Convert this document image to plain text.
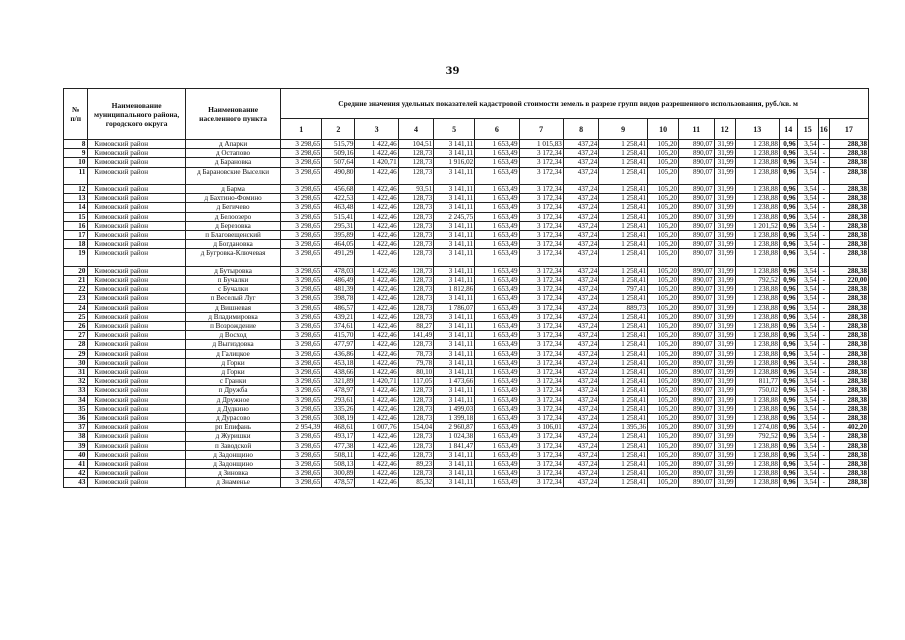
39
№
п/п	Наименование муниципального района, городского округа	Наименование населенного пункта	Средние значения удельных показателей кадастровой стоимости земель в разрезе групп видов разрешенного использования, руб./кв. м																
			1	2	3	4	5	6	7	8	9	10	11	12	13	14	15	16	17
8	Кимовский район	д Апарки	3 298,65	515,79	1 422,46	104,51	3 141,11	1 653,49	1 015,83	437,24	1 258,41	105,20	890,07	31,99	1 238,88	0,96	3,54	-	288,38
9	Кимовский район	д Остапово	3 298,65	509,16	1 422,46	128,73	3 141,11	1 653,49	3 172,34	437,24	1 258,41	105,20	890,07	31,99	1 238,88	0,96	3,54	-	288,38
10	Кимовский район	д Барановка	3 298,65	507,64	1 420,71	128,73	1 916,02	1 653,49	3 172,34	437,24	1 258,41	105,20	890,07	31,99	1 238,88	0,96	3,54	-	288,38
11	Кимовский район	д Барановские Выселки	3 298,65	490,80	1 422,46	128,73	3 141,11	1 653,49	3 172,34	437,24	1 258,41	105,20	890,07	31,99	1 238,88	0,96	3,54	-	288,38
12	Кимовский район	д Барма	3 298,65	456,68	1 422,46	93,51	3 141,11	1 653,49	3 172,34	437,24	1 258,41	105,20	890,07	31,99	1 238,88	0,96	3,54	-	288,38
13	Кимовский район	д Бахтино-Фомино	3 298,65	422,53	1 422,46	128,73	3 141,11	1 653,49	3 172,34	437,24	1 258,41	105,20	890,07	31,99	1 238,88	0,96	3,54	-	288,38
14	Кимовский район	д Бегичево	3 298,65	463,48	1 422,46	128,73	3 141,11	1 653,49	3 172,34	437,24	1 258,41	105,20	890,07	31,99	1 238,88	0,96	3,54	-	288,38
15	Кимовский район	д Белоозеро	3 298,65	515,41	1 422,46	128,73	2 245,75	1 653,49	3 172,34	437,24	1 258,41	105,20	890,07	31,99	1 238,88	0,96	3,54	-	288,38
16	Кимовский район	д Березовка	3 298,65	295,31	1 422,46	128,73	3 141,11	1 653,49	3 172,34	437,24	1 258,41	105,20	890,07	31,99	1 201,52	0,96	3,54	-	288,38
17	Кимовский район	п Благовещенский	3 298,65	395,89	1 422,46	128,73	3 141,11	1 653,49	3 172,34	437,24	1 258,41	105,20	890,07	31,99	1 238,88	0,96	3,54	-	288,38
18	Кимовский район	д Богдановка	3 298,65	464,05	1 422,46	128,73	3 141,11	1 653,49	3 172,34	437,24	1 258,41	105,20	890,07	31,99	1 238,88	0,96	3,54	-	288,38
19	Кимовский район	д Бугровка-Ключевая	3 298,65	491,29	1 422,46	128,73	3 141,11	1 653,49	3 172,34	437,24	1 258,41	105,20	890,07	31,99	1 238,88	0,96	3,54	-	288,38
20	Кимовский район	д Бутыровка	3 298,65	478,03	1 422,46	128,73	3 141,11	1 653,49	3 172,34	437,24	1 258,41	105,20	890,07	31,99	1 238,88	0,96	3,54	-	288,38
21	Кимовский район	п Бучалки	3 298,65	486,49	1 422,46	128,73	3 141,11	1 653,49	3 172,34	437,24	1 258,41	105,20	890,07	31,99	792,52	0,96	3,54	-	220,00
22	Кимовский район	с Бучалки	3 298,65	481,39	1 422,46	128,73	1 812,86	1 653,49	3 172,34	437,24	797,41	105,20	890,07	31,99	1 238,88	0,96	3,54	-	288,38
23	Кимовский район	п Веселый Луг	3 298,65	398,78	1 422,46	128,73	3 141,11	1 653,49	3 172,34	437,24	1 258,41	105,20	890,07	31,99	1 238,88	0,96	3,54	-	288,38
24	Кимовский район	д Вишневая	3 298,65	486,57	1 422,46	128,73	1 786,07	1 653,49	3 172,34	437,24	889,73	105,20	890,07	31,99	1 238,88	0,96	3,54	-	288,38
25	Кимовский район	д Владимировка	3 298,65	439,21	1 422,46	128,73	3 141,11	1 653,49	3 172,34	437,24	1 258,41	105,20	890,07	31,99	1 238,88	0,96	3,54	-	288,38
26	Кимовский район	п Возрождение	3 298,65	374,61	1 422,46	88,27	3 141,11	1 653,49	3 172,34	437,24	1 258,41	105,20	890,07	31,99	1 238,88	0,96	3,54	-	288,38
27	Кимовский район	д Восход	3 298,65	415,70	1 422,46	141,49	3 141,11	1 653,49	3 172,34	437,24	1 258,41	105,20	890,07	31,99	1 238,88	0,96	3,54	-	288,38
28	Кимовский район	д Выгиздовка	3 298,65	477,97	1 422,46	128,73	3 141,11	1 653,49	3 172,34	437,24	1 258,41	105,20	890,07	31,99	1 238,88	0,96	3,54	-	288,38
29	Кимовский район	д Галицкое	3 298,65	436,86	1 422,46	78,73	3 141,11	1 653,49	3 172,34	437,24	1 258,41	105,20	890,07	31,99	1 238,88	0,96	3,54	-	288,38
30	Кимовский район	д Горки	3 298,65	453,18	1 422,46	79,78	3 141,11	1 653,49	3 172,34	437,24	1 258,41	105,20	890,07	31,99	1 238,88	0,96	3,54	-	288,38
31	Кимовский район	д Горки	3 298,65	438,66	1 422,46	80,10	3 141,11	1 653,49	3 172,34	437,24	1 258,41	105,20	890,07	31,99	1 238,88	0,96	3,54	-	288,38
32	Кимовский район	с Гранки	3 298,65	321,89	1 420,71	117,05	1 473,66	1 653,49	3 172,34	437,24	1 258,41	105,20	890,07	31,99	811,77	0,96	3,54	-	288,38
33	Кимовский район	п Дружба	3 298,65	478,97	1 422,46	128,73	3 141,11	1 653,49	3 172,34	437,24	1 258,41	105,20	890,07	31,99	750,02	0,96	3,54	-	288,38
34	Кимовский район	д Дружное	3 298,65	293,61	1 422,46	128,73	3 141,11	1 653,49	3 172,34	437,24	1 258,41	105,20	890,07	31,99	1 238,88	0,96	3,54	-	288,38
35	Кимовский район	д Дудкино	3 298,65	335,26	1 422,46	128,73	1 499,03	1 653,49	3 172,34	437,24	1 258,41	105,20	890,07	31,99	1 238,88	0,96	3,54	-	288,38
36	Кимовский район	д Дурасово	3 298,65	308,19	1 422,46	128,73	1 399,18	1 653,49	3 172,34	437,24	1 258,41	105,20	890,07	31,99	1 238,88	0,96	3,54	-	288,38
37	Кимовский район	рп Епифань	2 954,39	468,61	1 007,76	154,04	2 960,87	1 653,49	3 106,01	437,24	1 395,36	105,20	890,07	31,99	1 274,08	0,96	3,54	-	402,20
38	Кимовский район	д Журишки	3 298,65	493,17	1 422,46	128,73	1 024,38	1 653,49	3 172,34	437,24	1 258,41	105,20	890,07	31,99	792,52	0,96	3,54	-	288,38
39	Кимовский район	п Заводской	3 298,65	477,38	1 422,46	128,73	1 841,47	1 653,49	3 172,34	437,24	1 258,41	105,20	890,07	31,99	1 238,88	0,96	3,54	-	288,38
40	Кимовский район	д Задонщино	3 298,65	508,11	1 422,46	128,73	3 141,11	1 653,49	3 172,34	437,24	1 258,41	105,20	890,07	31,99	1 238,88	0,96	3,54	-	288,38
41	Кимовский район	д Задонщино	3 298,65	508,13	1 422,46	89,23	3 141,11	1 653,49	3 172,34	437,24	1 258,41	105,20	890,07	31,99	1 238,88	0,96	3,54	-	288,38
42	Кимовский район	д Зиновка	3 298,65	300,89	1 422,46	128,73	3 141,11	1 653,49	3 172,34	437,24	1 258,41	105,20	890,07	31,99	1 238,88	0,96	3,54	-	288,38
43	Кимовский район	д Знаменье	3 298,65	478,57	1 422,46	85,32	3 141,11	1 653,49	3 172,34	437,24	1 258,41	105,20	890,07	31,99	1 238,88	0,96	3,54	-	288,38
